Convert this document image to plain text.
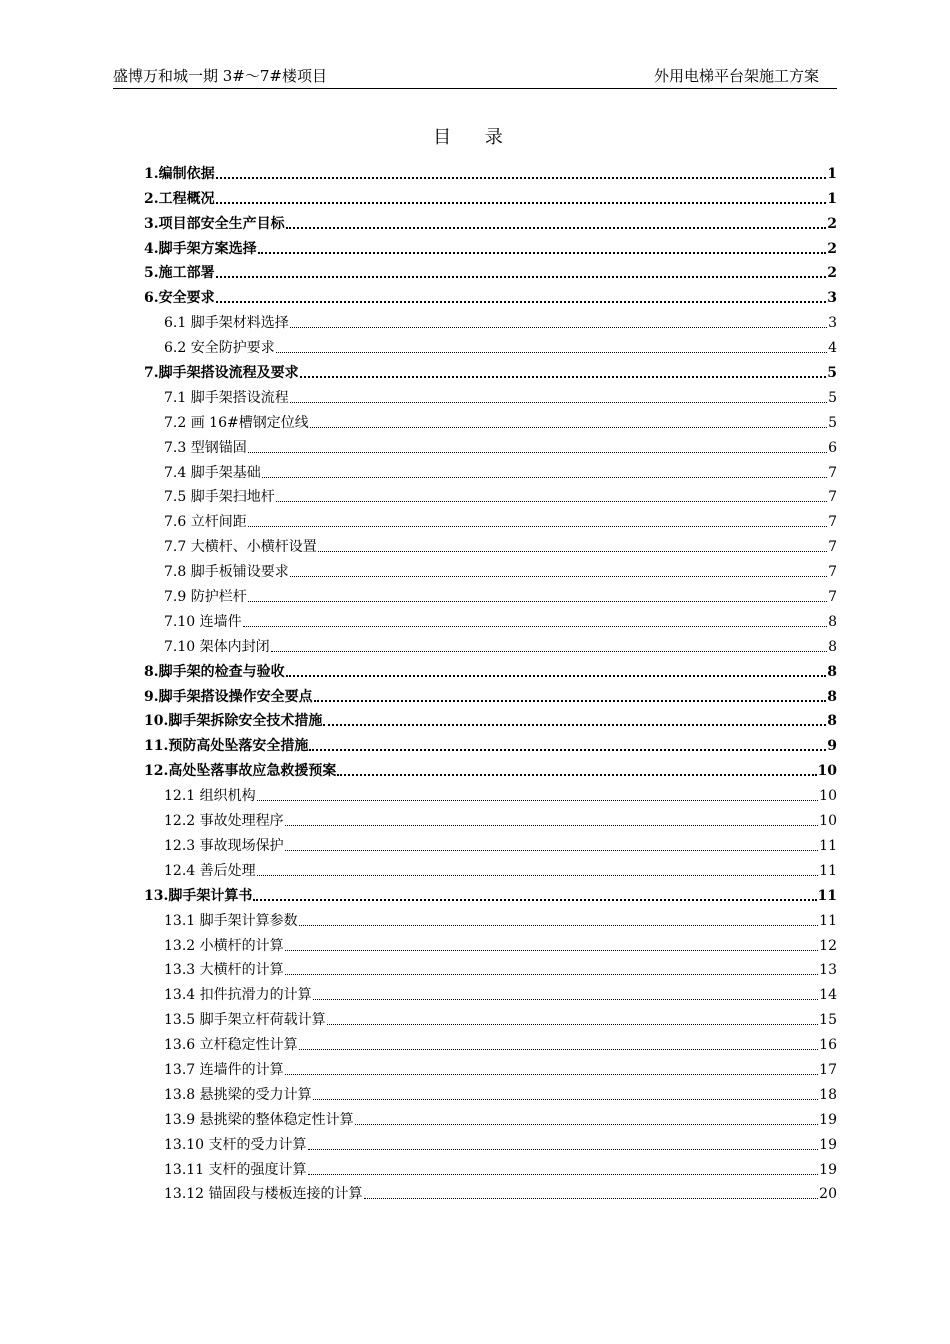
盛博万和城一期 3#～7#楼项目	外用电梯平台架施工方案
目 录
1.编制依据	1
2.工程概况	1
3.项目部安全生产目标	2
4.脚手架方案选择	2
5.施工部署	2
6.安全要求	3
6.1 脚手架材料选择	3
6.2 安全防护要求	4
7.脚手架搭设流程及要求	5
7.1 脚手架搭设流程	5
7.2 画 16#槽钢定位线	5
7.3 型钢锚固	6
7.4 脚手架基础	7
7.5 脚手架扫地杆	7
7.6 立杆间距	7
7.7 大横杆、小横杆设置	7
7.8 脚手板铺设要求	7
7.9 防护栏杆	7
7.10 连墙件	8
7.10 架体内封闭	8
8.脚手架的检查与验收	8
9.脚手架搭设操作安全要点	8
10.脚手架拆除安全技术措施	8
11.预防高处坠落安全措施	9
12.高处坠落事故应急救援预案	10
12.1 组织机构	10
12.2 事故处理程序	10
12.3 事故现场保护	11
12.4 善后处理	11
13.脚手架计算书	11
13.1 脚手架计算参数	11
13.2 小横杆的计算	12
13.3 大横杆的计算	13
13.4 扣件抗滑力的计算	14
13.5 脚手架立杆荷载计算	15
13.6 立杆稳定性计算	16
13.7 连墙件的计算	17
13.8 悬挑梁的受力计算	18
13.9 悬挑梁的整体稳定性计算	19
13.10 支杆的受力计算	19
13.11 支杆的强度计算	19
13.12 锚固段与楼板连接的计算	20
